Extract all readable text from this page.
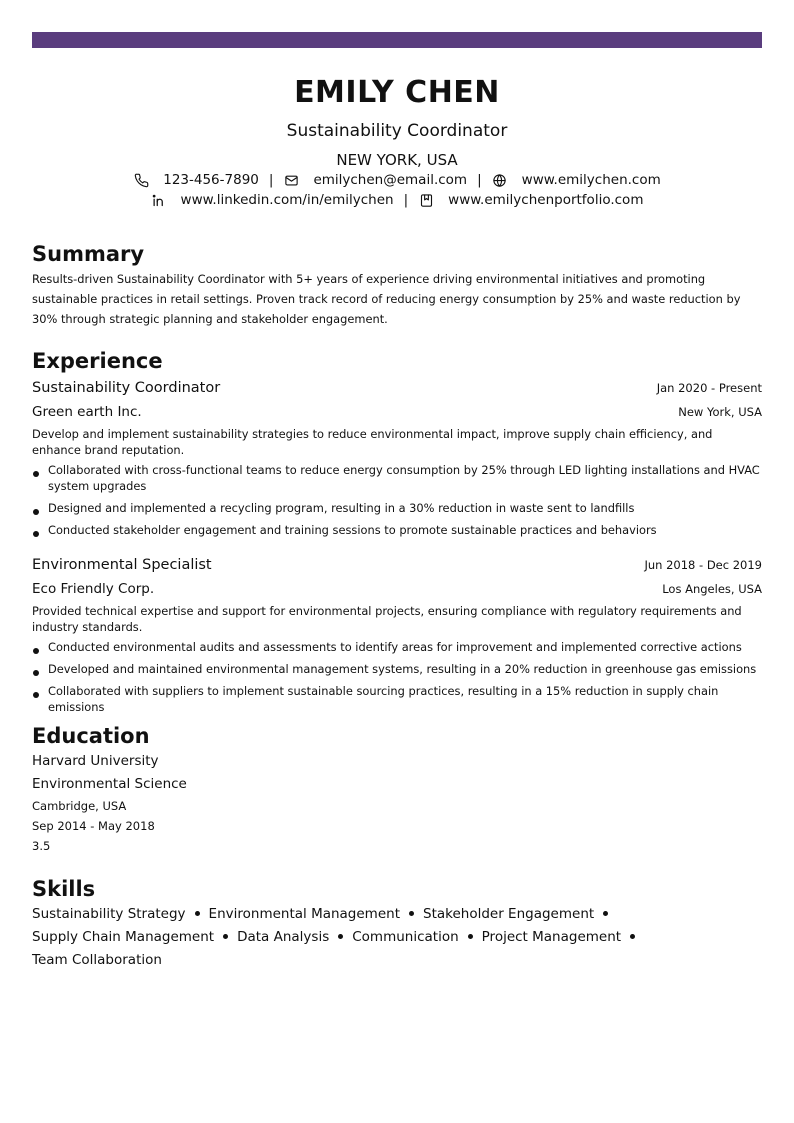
EMILY CHEN
Sustainability Coordinator
NEW YORK, USA
123-456-7890 |	emilychen@email.com |	www.emilychen.com
www.linkedin.com/in/emilychen |	www.emilychenportfolio.com
Summary
Results-driven Sustainability Coordinator with 5+ years of experience driving environmental initiatives and promoting sustainable practices in retail settings. Proven track record of reducing energy consumption by 25% and waste reduction by 30% through strategic planning and stakeholder engagement.
Experience
Sustainability Coordinator	Jan 2020 - Present
Green earth Inc.	New York, USA
Develop and implement sustainability strategies to reduce environmental impact, improve supply chain efficiency, and enhance brand reputation.
Collaborated with cross-functional teams to reduce energy consumption by 25% through LED lighting installations and HVAC system upgrades
Designed and implemented a recycling program, resulting in a 30% reduction in waste sent to landfills
Conducted stakeholder engagement and training sessions to promote sustainable practices and behaviors
Environmental Specialist	Jun 2018 - Dec 2019
Eco Friendly Corp.	Los Angeles, USA
Provided technical expertise and support for environmental projects, ensuring compliance with regulatory requirements and industry standards.
Conducted environmental audits and assessments to identify areas for improvement and implemented corrective actions
Developed and maintained environmental management systems, resulting in a 20% reduction in greenhouse gas emissions
Collaborated with suppliers to implement sustainable sourcing practices, resulting in a 15% reduction in supply chain emissions
Education
Harvard University
Environmental Science
Cambridge, USA
Sep 2014 - May 2018
3.5
Skills
Sustainability Strategy Environmental Management Stakeholder Engagement
Supply Chain Management Data Analysis Communication Project ManagementTeam Collaboration
